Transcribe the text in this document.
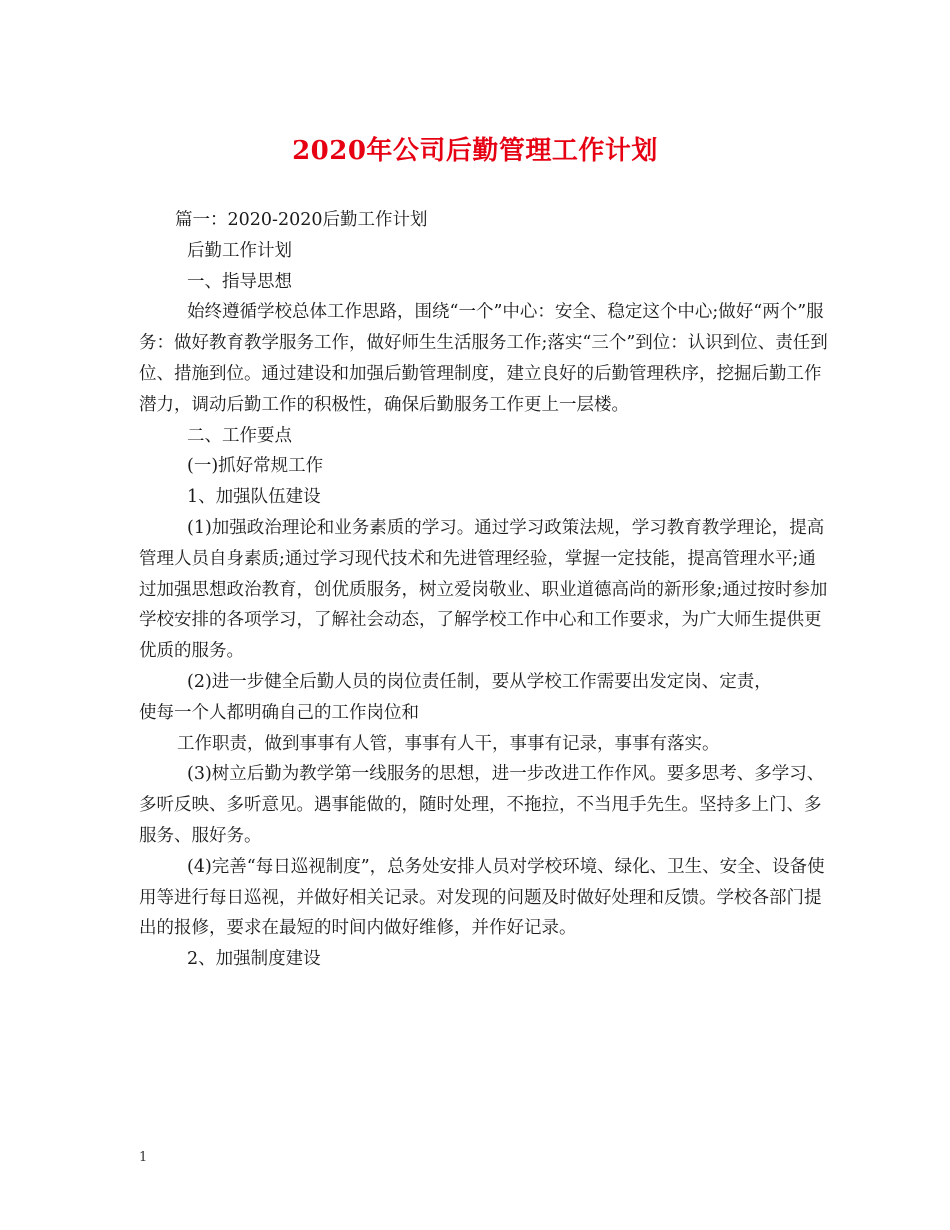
2020年公司后勤管理工作计划

篇一：2020-2020后勤工作计划

后勤工作计划

一、指导思想

始终遵循学校总体工作思路，围绕“一个”中心：安全、稳定这个中心;做好“两个”服务：做好教育教学服务工作，做好师生生活服务工作;落实“三个”到位：认识到位、责任到位、措施到位。通过建设和加强后勤管理制度，建立良好的后勤管理秩序，挖掘后勤工作潜力，调动后勤工作的积极性，确保后勤服务工作更上一层楼。

二、工作要点

(一)抓好常规工作

1、加强队伍建设

(1)加强政治理论和业务素质的学习。通过学习政策法规，学习教育教学理论，提高管理人员自身素质;通过学习现代技术和先进管理经验，掌握一定技能，提高管理水平;通过加强思想政治教育，创优质服务，树立爱岗敬业、职业道德高尚的新形象;通过按时参加学校安排的各项学习，了解社会动态，了解学校工作中心和工作要求，为广大师生提供更优质的服务。

(2)进一步健全后勤人员的岗位责任制，要从学校工作需要出发定岗、定责，

使每一个人都明确自己的工作岗位和

工作职责，做到事事有人管，事事有人干，事事有记录，事事有落实。

(3)树立后勤为教学第一线服务的思想，进一步改进工作作风。要多思考、多学习、多听反映、多听意见。遇事能做的，随时处理，不拖拉，不当甩手先生。坚持多上门、多服务、服好务。

(4)完善“每日巡视制度”，总务处安排人员对学校环境、绿化、卫生、安全、设备使用等进行每日巡视，并做好相关记录。对发现的问题及时做好处理和反馈。学校各部门提出的报修，要求在最短的时间内做好维修，并作好记录。

2、加强制度建设

1
